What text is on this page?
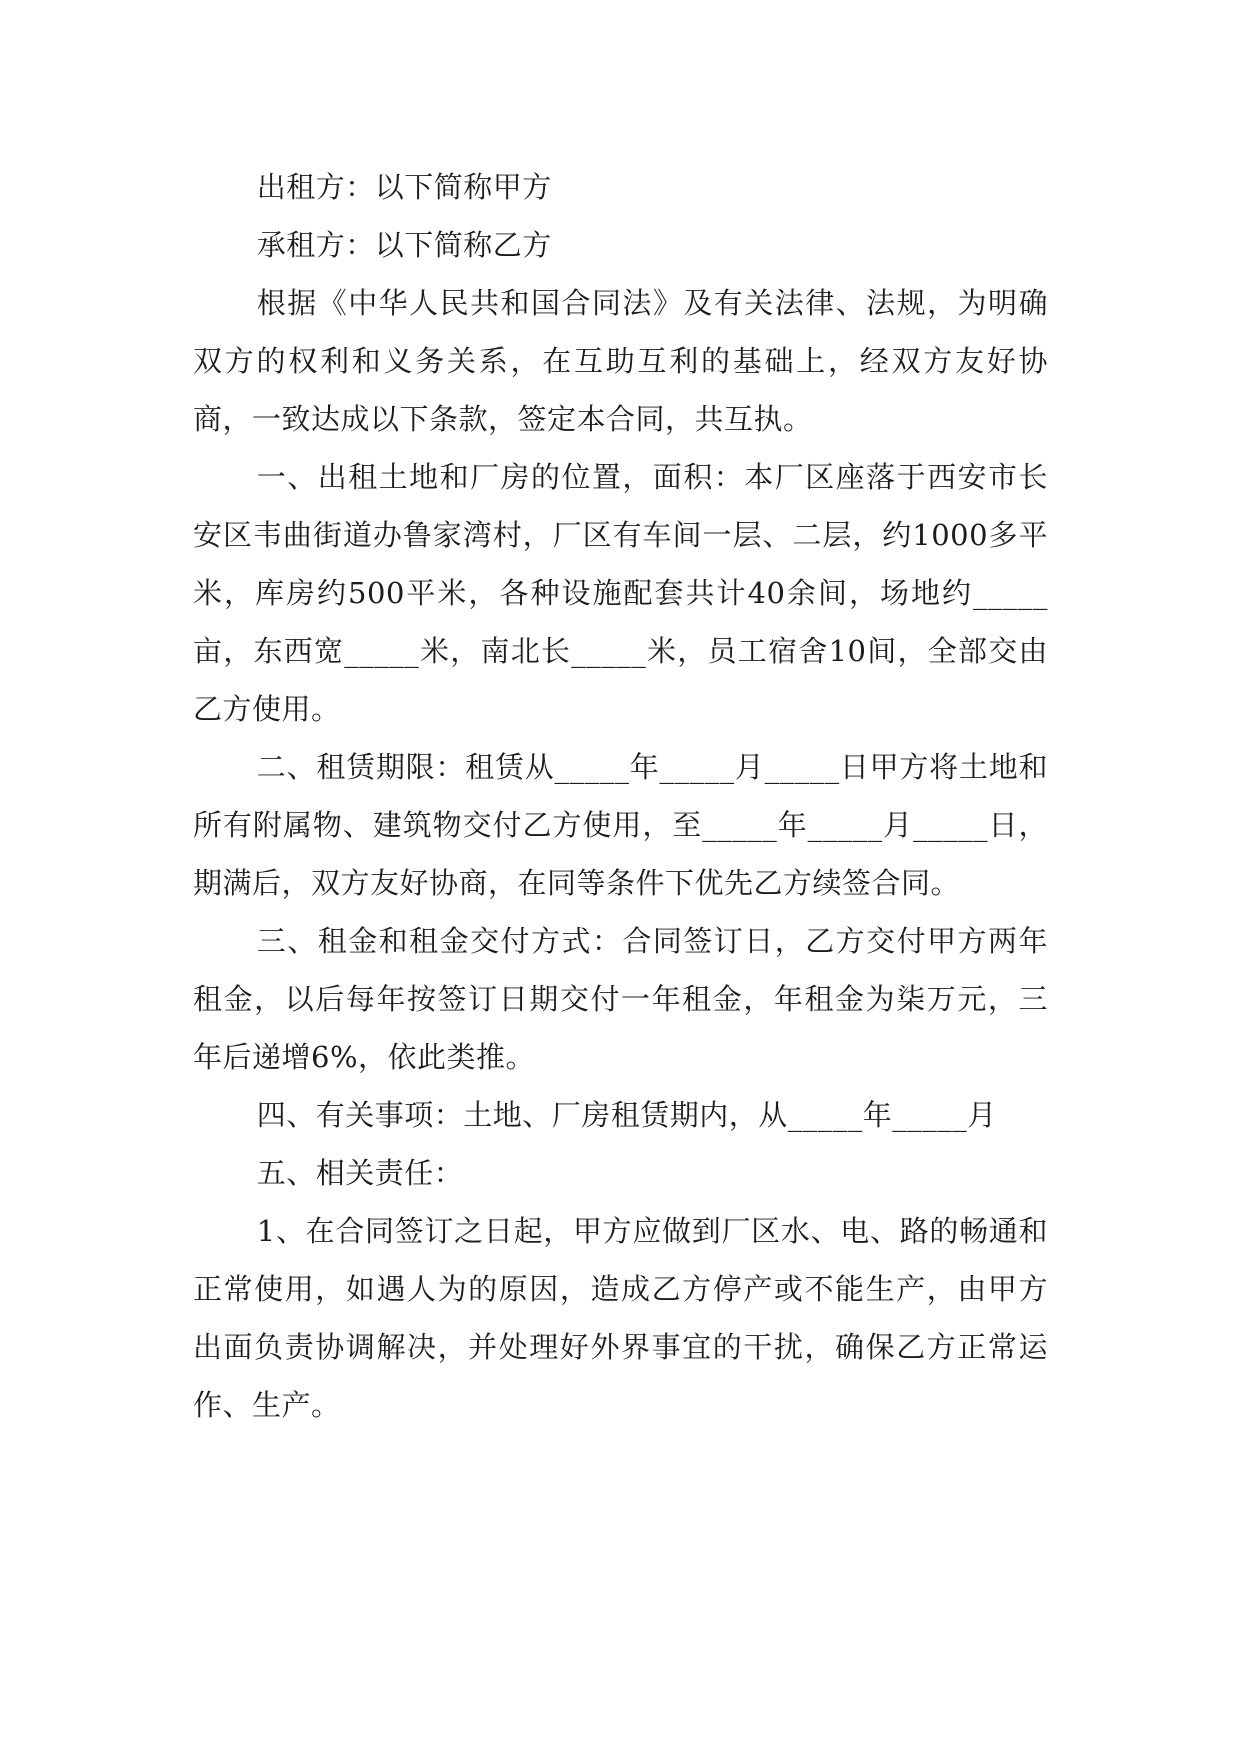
出租方：以下简称甲方

承租方：以下简称乙方

根据《中华人民共和国合同法》及有关法律、法规，为明确双方的权利和义务关系，在互助互利的基础上，经双方友好协商，一致达成以下条款，签定本合同，共互执。

一、出租土地和厂房的位置，面积：本厂区座落于西安市长安区韦曲街道办鲁家湾村，厂区有车间一层、二层，约1000多平米，库房约500平米，各种设施配套共计40余间，场地约_____亩，东西宽_____米，南北长_____米，员工宿舍10间，全部交由乙方使用。

二、租赁期限：租赁从_____年_____月_____日甲方将土地和所有附属物、建筑物交付乙方使用，至_____年_____月_____日，期满后，双方友好协商，在同等条件下优先乙方续签合同。

三、租金和租金交付方式：合同签订日，乙方交付甲方两年租金，以后每年按签订日期交付一年租金，年租金为柒万元，三年后递增6%，依此类推。

四、有关事项：土地、厂房租赁期内，从_____年_____月

五、相关责任：

1、在合同签订之日起，甲方应做到厂区水、电、路的畅通和正常使用，如遇人为的原因，造成乙方停产或不能生产，由甲方出面负责协调解决，并处理好外界事宜的干扰，确保乙方正常运作、生产。
